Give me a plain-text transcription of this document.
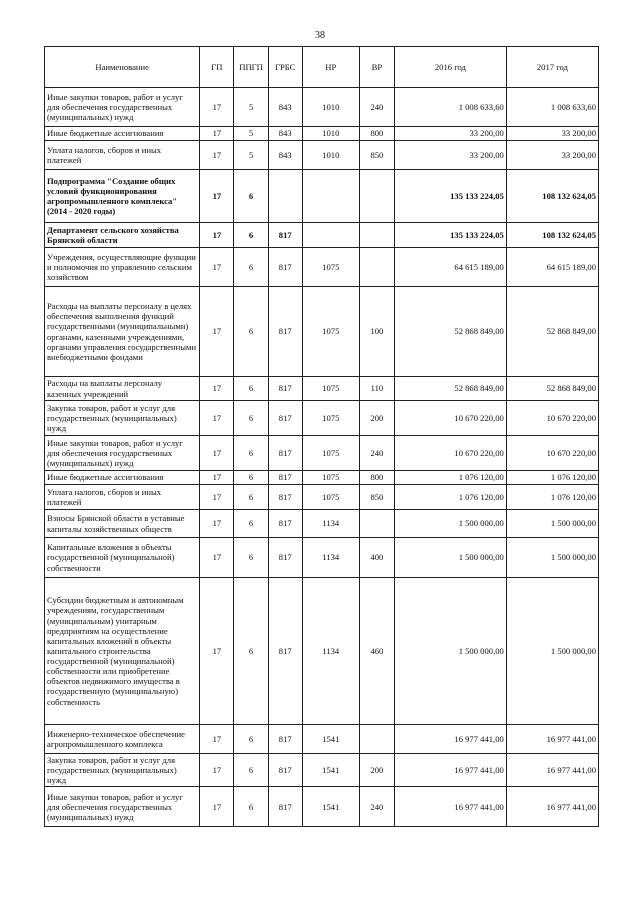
38
Наименование	ГП	ППГП	ГРБС	НР	ВР	2016 год	2017 год
Иные закупки товаров, работ и услуг для обеспечения государственных (муниципальных) нужд	17	5	843	1010	240	1 008 633,60	1 008 633,60
Иные бюджетные ассигнования	17	5	843	1010	800	33 200,00	33 200,00
Уплата налогов, сборов и иных платежей	17	5	843	1010	850	33 200,00	33 200,00
Подпрограмма "Создание общих условий функционирования агропромышленного комплекса" (2014 - 2020 годы)	17	6				135 133 224,05	108 132 624,05
Департамент сельского хозяйства Брянской области	17	6	817			135 133 224,05	108 132 624,05
Учреждения, осуществляющие функции и полномочия по управлению сельским хозяйством	17	6	817	1075		64 615 189,00	64 615 189,00
Расходы на выплаты персоналу в целях обеспечения выполнения функций государственными (муниципальными) органами, казенными учреждениями, органами управления государственными внебюджетными фондами	17	6	817	1075	100	52 868 849,00	52 868 849,00
Расходы на выплаты персоналу казенных учреждений	17	6	817	1075	110	52 868 849,00	52 868 849,00
Закупка товаров, работ и услуг для государственных (муниципальных) нужд	17	6	817	1075	200	10 670 220,00	10 670 220,00
Иные закупки товаров, работ и услуг для обеспечения государственных (муниципальных) нужд	17	6	817	1075	240	10 670 220,00	10 670 220,00
Иные бюджетные ассигнования	17	6	817	1075	800	1 076 120,00	1 076 120,00
Уплата налогов, сборов и иных платежей	17	6	817	1075	850	1 076 120,00	1 076 120,00
Взносы Брянской области в уставные капиталы хозяйственных обществ	17	6	817	1134		1 500 000,00	1 500 000,00
Капитальные вложения в объекты государственной (муниципальной) собственности	17	6	817	1134	400	1 500 000,00	1 500 000,00
Субсидии бюджетным и автономным учреждениям, государственным (муниципальным) унитарным предприятиям на осуществление капитальных вложений в объекты капитального строительства государственной (муниципальной) собственности или приобретение объектов недвижимого имущества в государственную (муниципальную) собственность	17	6	817	1134	460	1 500 000,00	1 500 000,00
Инженерно-техническое обеспечение агропромышленного комплекса	17	6	817	1541		16 977 441,00	16 977 441,00
Закупка товаров, работ и услуг для государственных (муниципальных) нужд	17	6	817	1541	200	16 977 441,00	16 977 441,00
Иные закупки товаров, работ и услуг для обеспечения государственных (муниципальных) нужд	17	6	817	1541	240	16 977 441,00	16 977 441,00
